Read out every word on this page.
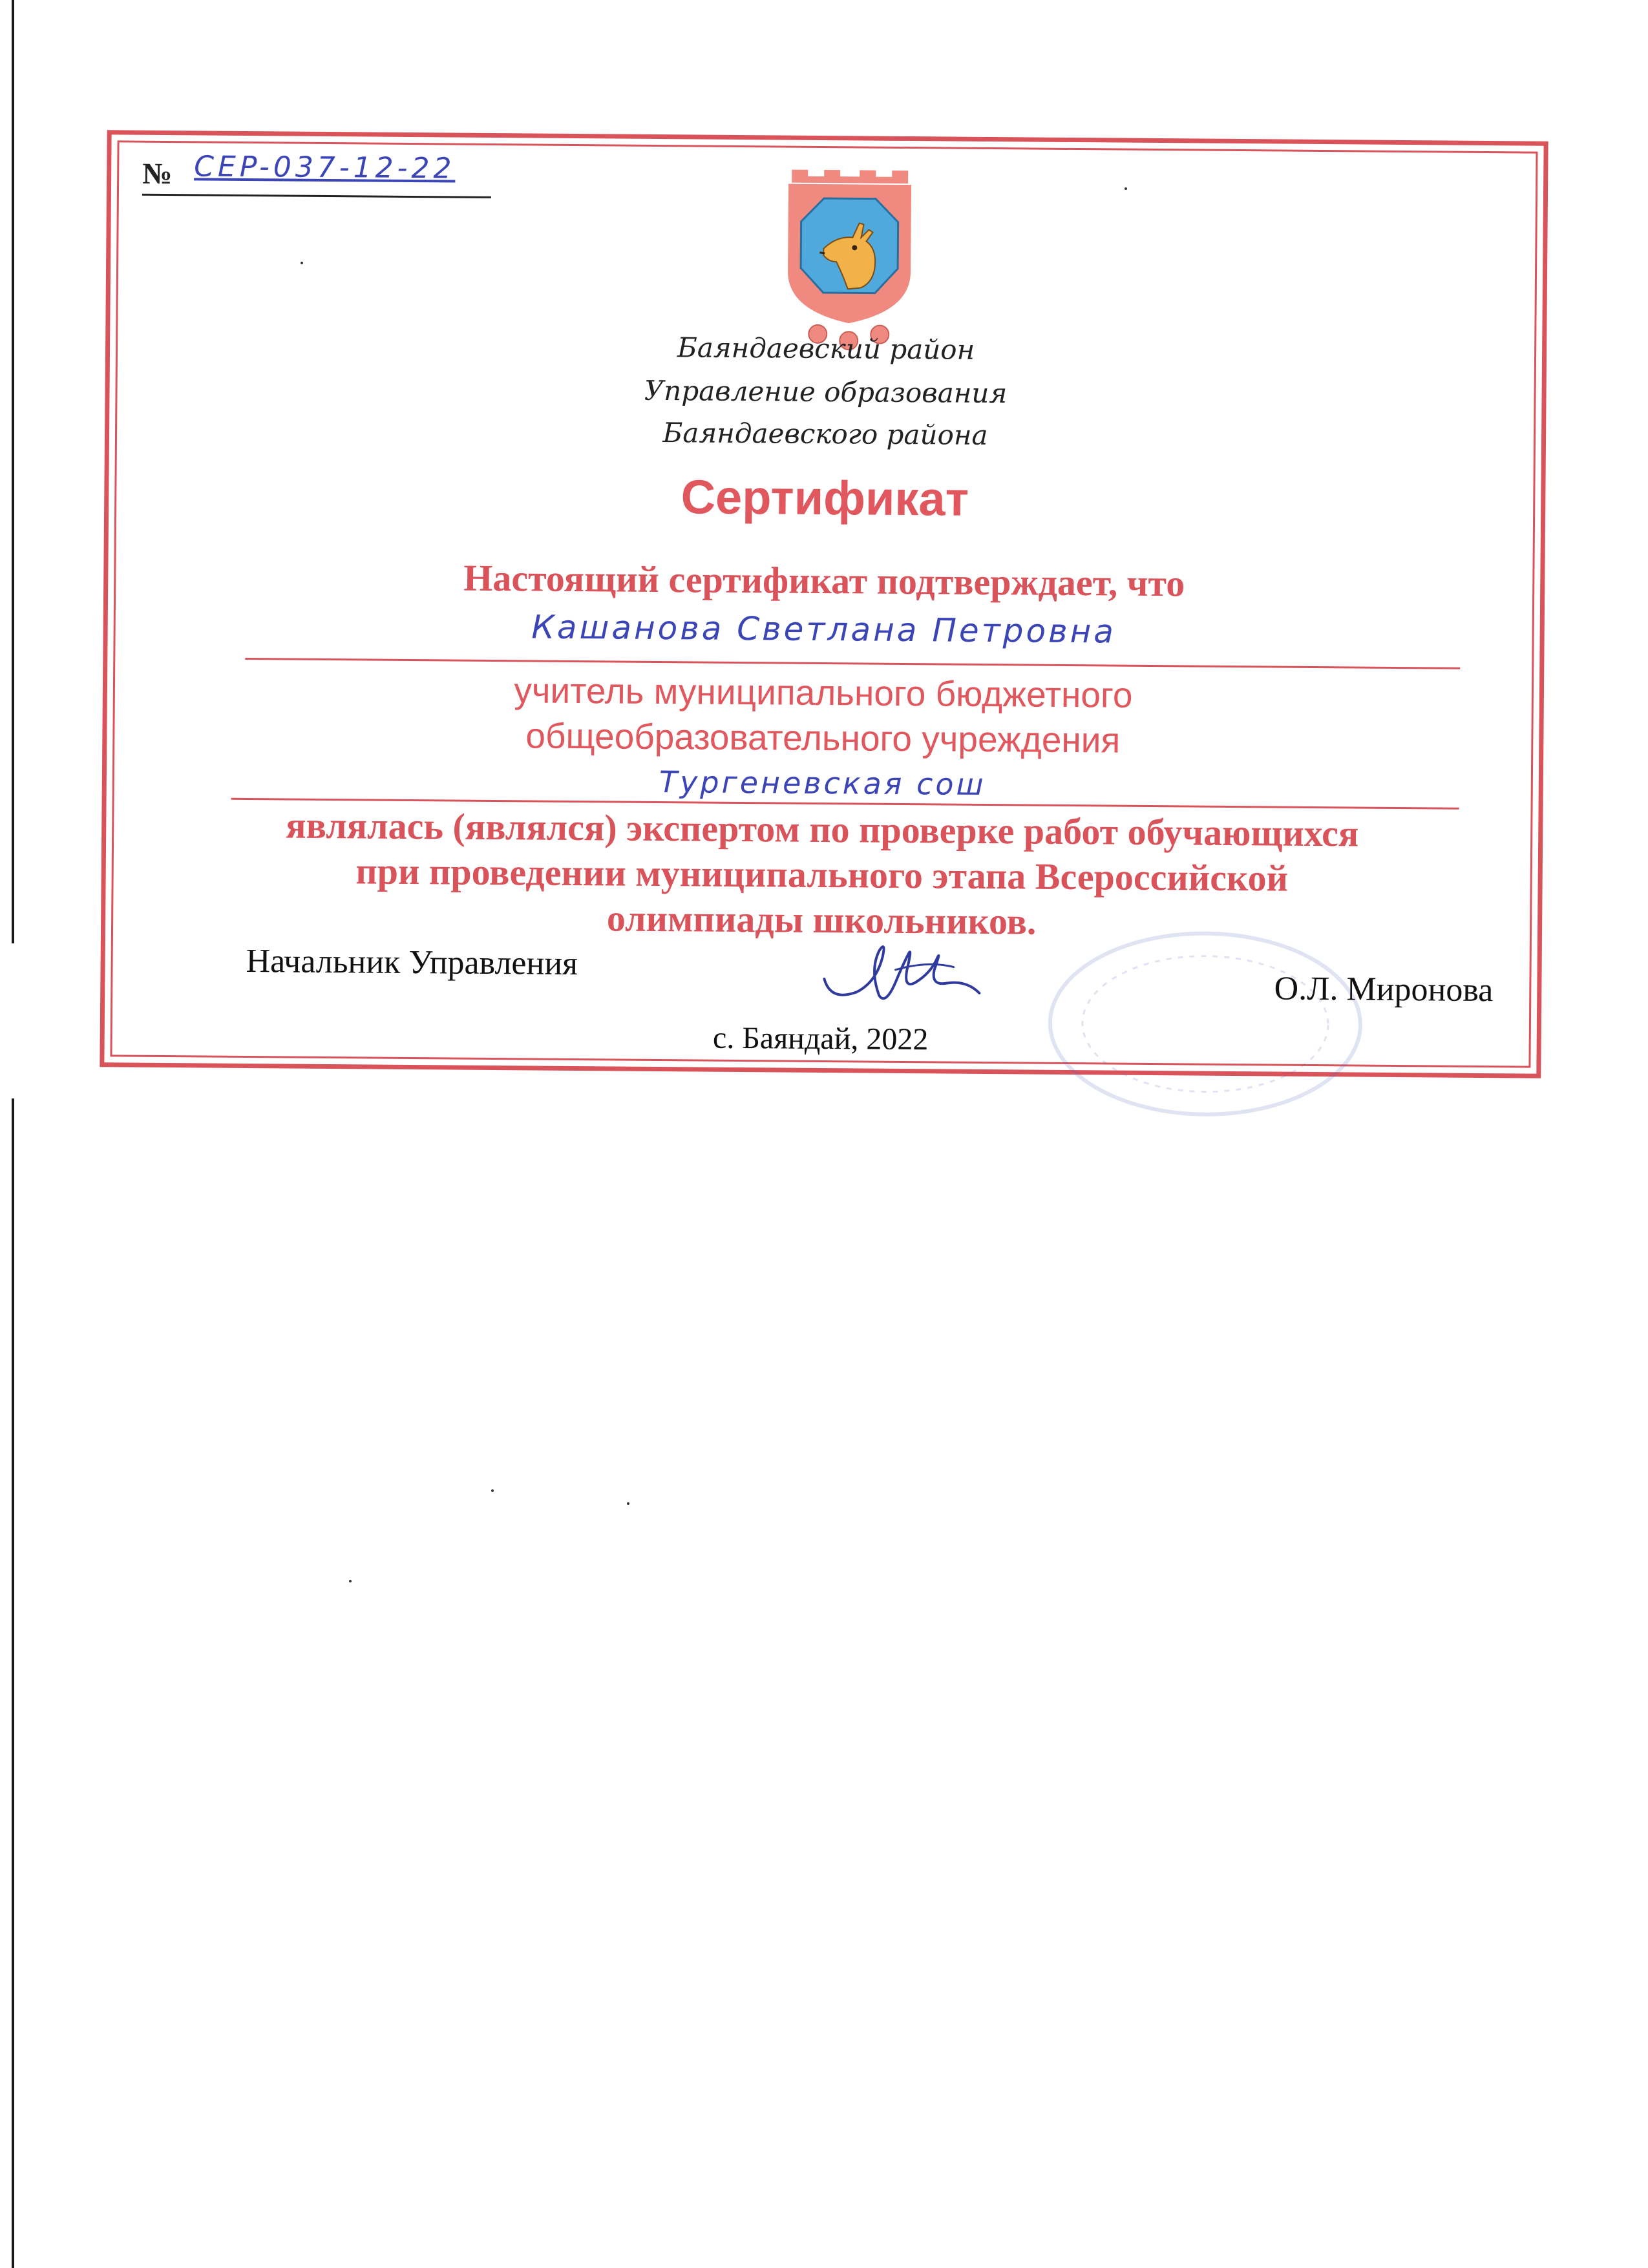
№ CEP-037-12-22
Баяндаевский район
Управление образования
Баяндаевского района
Сертификат
Настоящий сертификат подтверждает, что
Кашанова Светлана Петровна
учитель муниципального бюджетного
общеобразовательного учреждения
Тургеневская сош
являлась (являлся) экспертом по проверке работ обучающихся
при проведении муниципального этапа Всероссийской
олимпиады школьников.
Начальник Управления
О.Л. Миронова
с. Баяндай, 2022
